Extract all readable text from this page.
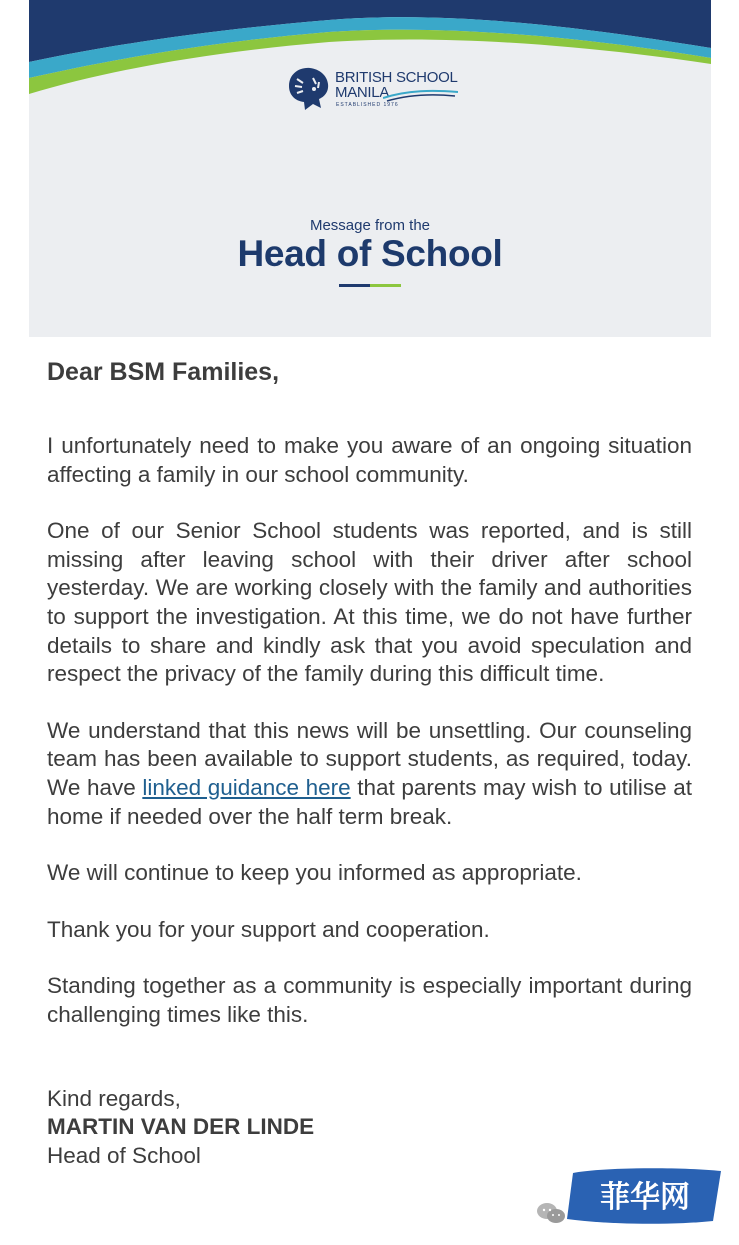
BRITISH SCHOOL
MANILA
ESTABLISHED 1976
Message from the
Head of School
Dear BSM Families,

I unfortunately need to make you aware of an ongoing situation affecting a family in our school community.

One of our Senior School students was reported, and is still missing after leaving school with their driver after school yesterday. We are working closely with the family and authorities to support the investigation. At this time, we do not have further details to share and kindly ask that you avoid speculation and respect the privacy of the family during this difficult time.

We understand that this news will be unsettling. Our counseling team has been available to support students, as required, today. We have linked guidance here that parents may wish to utilise at home if needed over the half term break.

We will continue to keep you informed as appropriate.

Thank you for your support and cooperation.

Standing together as a community is especially important during challenging times like this.

Kind regards,
MARTIN VAN DER LINDE
Head of School
菲华网
